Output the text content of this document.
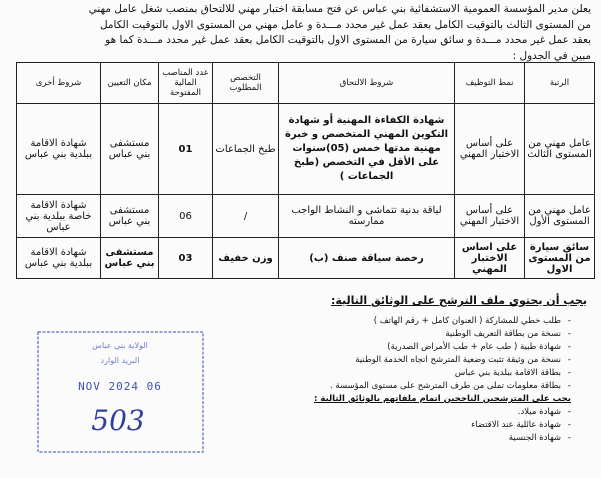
يعلن مدير المؤسسة العمومية الاستشفائية بني عباس عن فتح مسابقة اختبار مهني للالتحاق بمنصب شغل عامل مهني
من المستوى الثالث بالتوقيت الكامل بعقد عمل غير محدد مـــدة و عامل مهني من المستوى الاول بالتوقيت الكامل
بعقد عمل غير محدد مـــدة و سائق سيارة من المستوى الاول بالتوقيت الكامل بعقد عمل غير محدد مـــدة كما هو
مبين في الجدول :
الرتبة	نمط التوظيف	شروط الالتحاق	التخصص المطلوب	عدد المناصب المالية المفتوحة	مكان التعيين	شروط أخرى
عامل مهني من المستوى الثالث	على أساس الاختبار المهني	شهادة الكفاءة المهنية أو شهادة التكوين المهني المتخصص و خبرة مهنية مدتها خمس (05)سنوات على الأقل في التخصص (طبخ الجماعات )	طبخ الجماعات	01	مستشفى بني عباس	شهادة الاقامة ببلدية بني عباس
عامل مهني من المستوى الأول	على أساس الاختبار المهني	لياقة بدنية تتماشى و النشاط الواجب ممارسته	/	06	مستشفى بني عباس	شهادة الاقامة خاصة ببلدية بني عباس
سائق سيارة من المستوى الاول	على اساس الاختبار المهني	رخصة سياقة صنف (ب)	وزن خفيف	03	مستشفى بني عباس	شهادة الاقامة ببلدية بني عباس
يجب أن يحتوي ملف الترشح على الوثائق التالية:
-طلب خطي للمشاركة ( العنوان كامل + رقم الهاتف )
-نسخة من بطاقة التعريف الوطنية
-شهادة طبية ( طب عام + طب الأمراض الصدرية)
-نسخة من وثيقة تثبت وضعية المترشح اتجاه الخدمة الوطنية
-بطاقة الاقامة ببلدية بني عباس
-بطاقة معلومات تملى من طرف المترشح على مستوى المؤسسة .
يجب على المترشحين الناجحين اتمام ملفاتهم بالوثائق التالية :
-شهادة ميلاد.
-شهادة عائلية عند الاقتضاء
-شهادة الجنسية
الولاية بني عباس
البريد الوارد
06 NOV 2024
503
